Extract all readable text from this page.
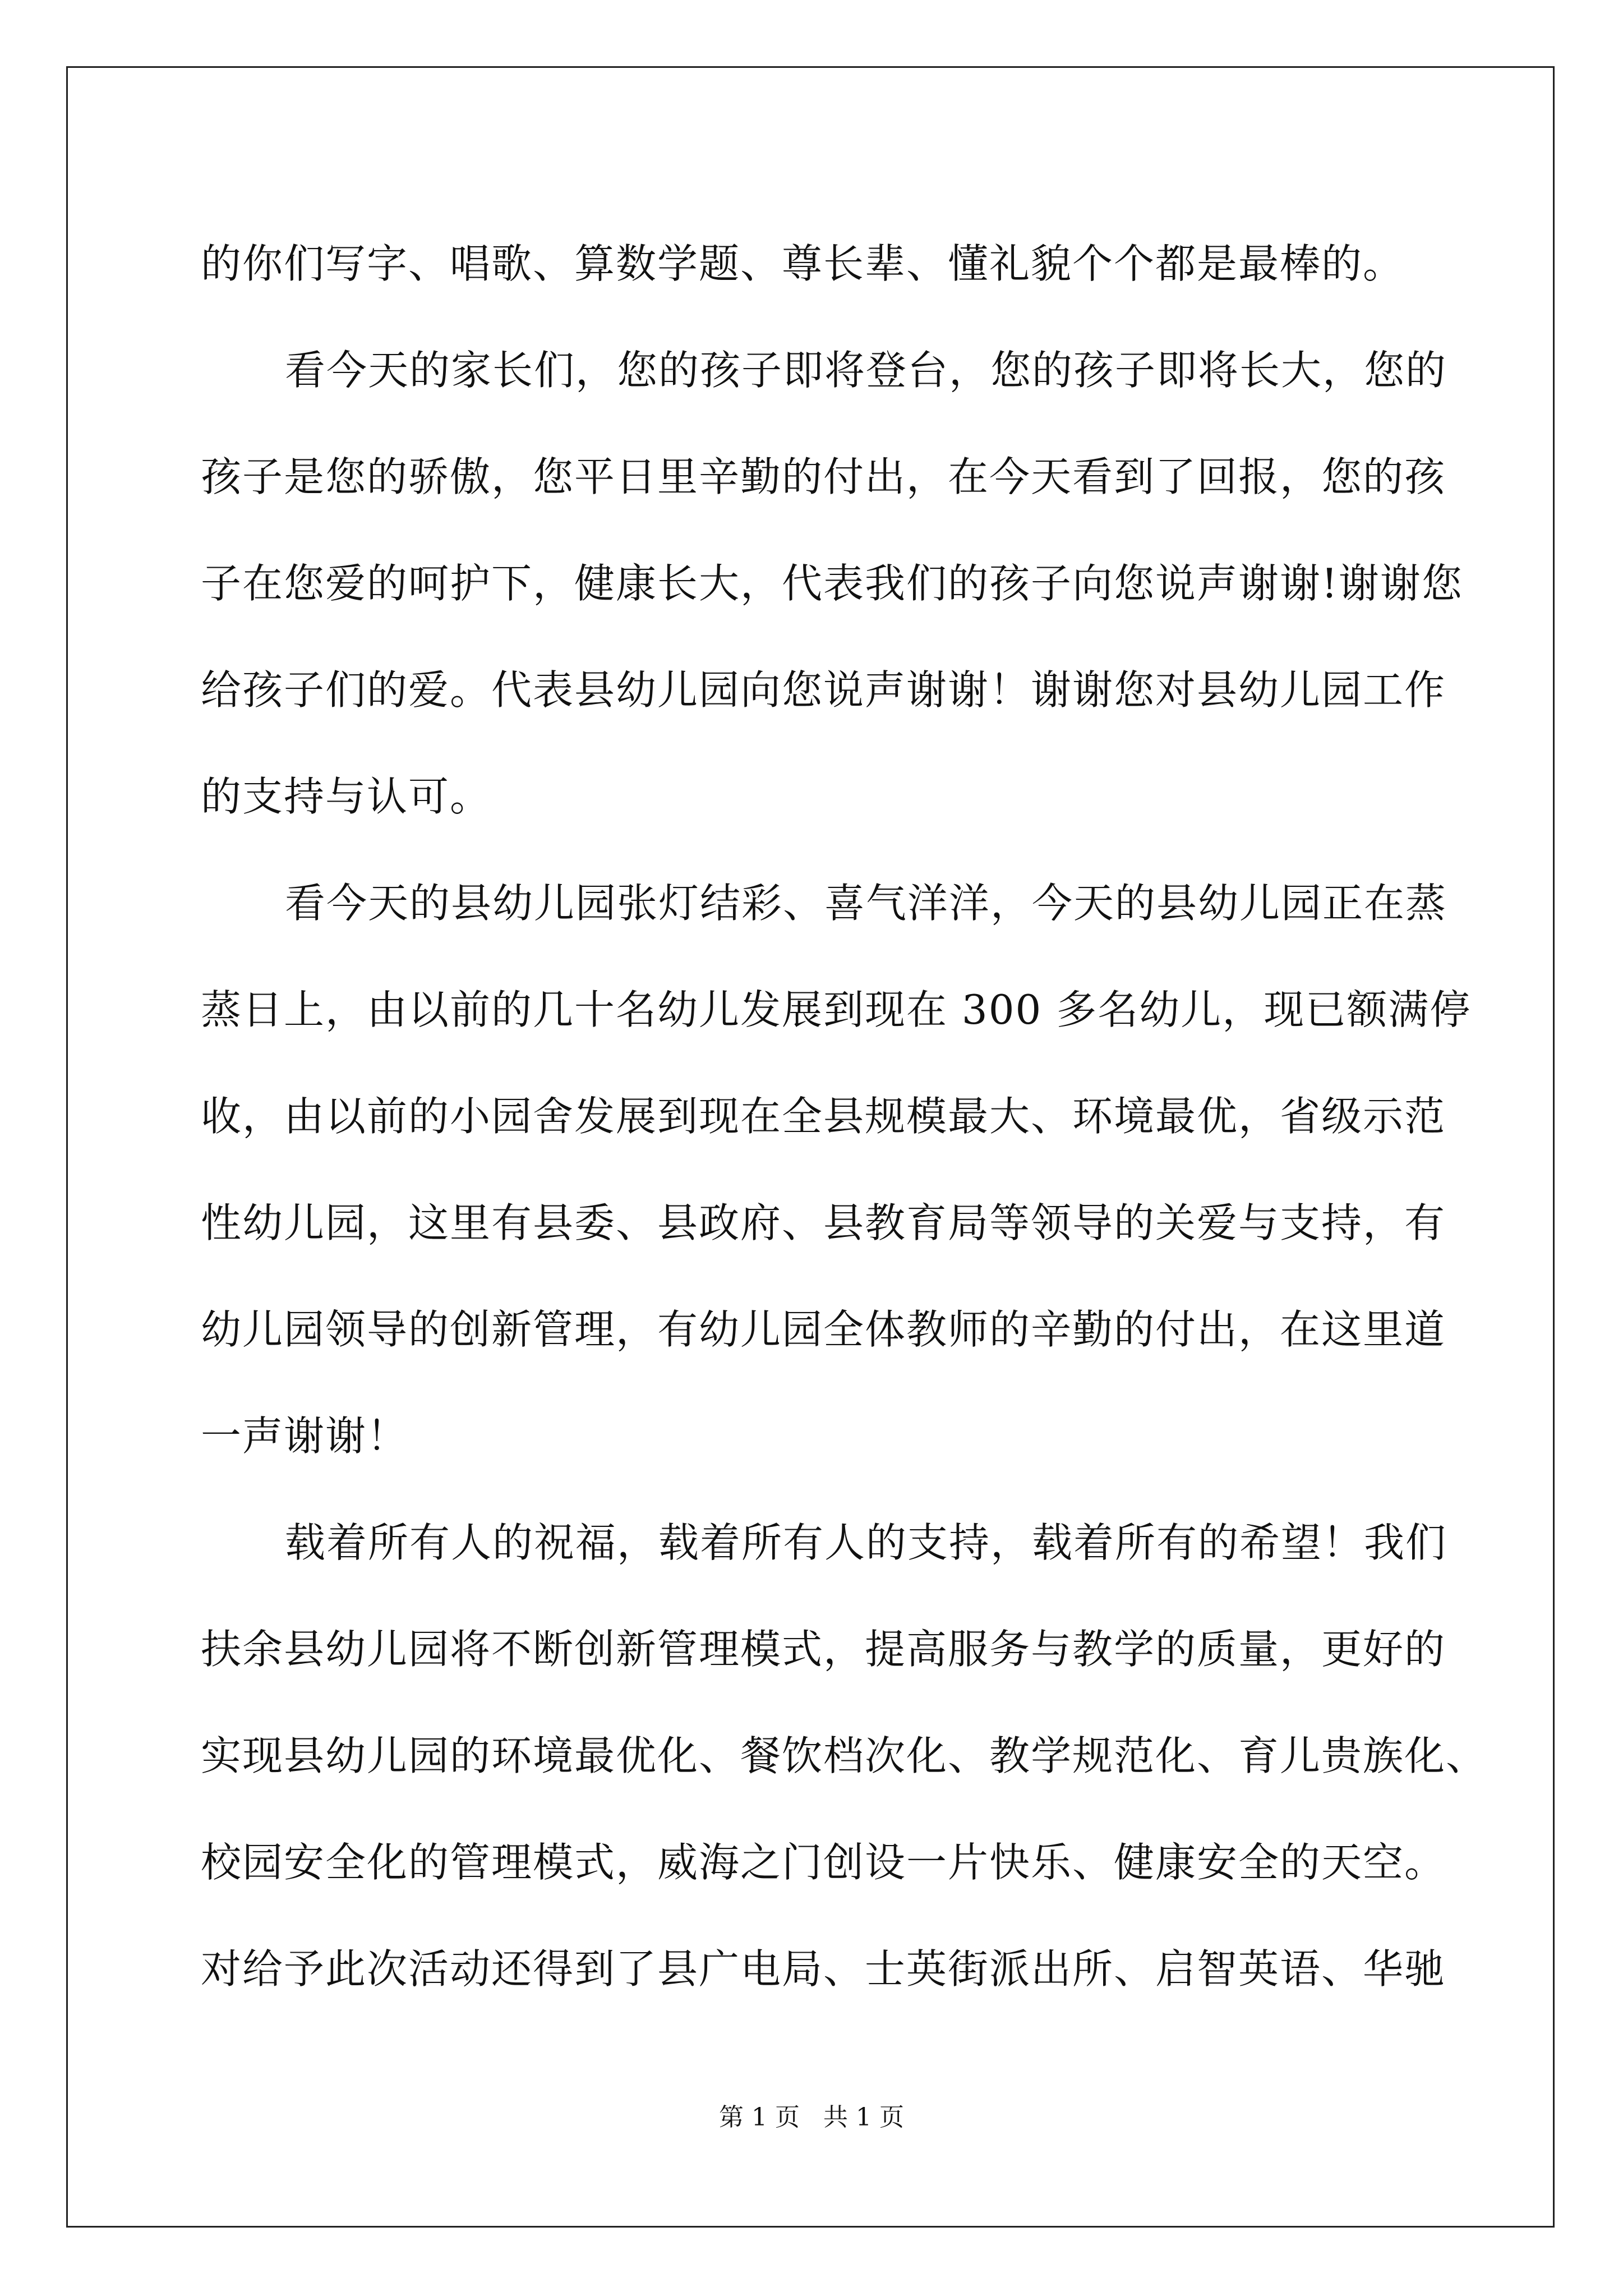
的你们写字、唱歌、算数学题、尊长辈、懂礼貌个个都是最棒的。
看今天的家长们，您的孩子即将登台，您的孩子即将长大，您的
孩子是您的骄傲，您平日里辛勤的付出，在今天看到了回报，您的孩
子在您爱的呵护下，健康长大，代表我们的孩子向您说声谢谢!谢谢您
给孩子们的爱。代表县幼儿园向您说声谢谢！谢谢您对县幼儿园工作
的支持与认可。
看今天的县幼儿园张灯结彩、喜气洋洋，今天的县幼儿园正在蒸
蒸日上，由以前的几十名幼儿发展到现在 300 多名幼儿，现已额满停
收，由以前的小园舍发展到现在全县规模最大、环境最优，省级示范
性幼儿园，这里有县委、县政府、县教育局等领导的关爱与支持，有
幼儿园领导的创新管理，有幼儿园全体教师的辛勤的付出，在这里道
一声谢谢！
载着所有人的祝福，载着所有人的支持，载着所有的希望！我们
扶余县幼儿园将不断创新管理模式，提高服务与教学的质量，更好的
实现县幼儿园的环境最优化、餐饮档次化、教学规范化、育儿贵族化、
校园安全化的管理模式，威海之门创设一片快乐、健康安全的天空。
对给予此次活动还得到了县广电局、士英街派出所、启智英语、华驰
第 1 页 共 1 页
